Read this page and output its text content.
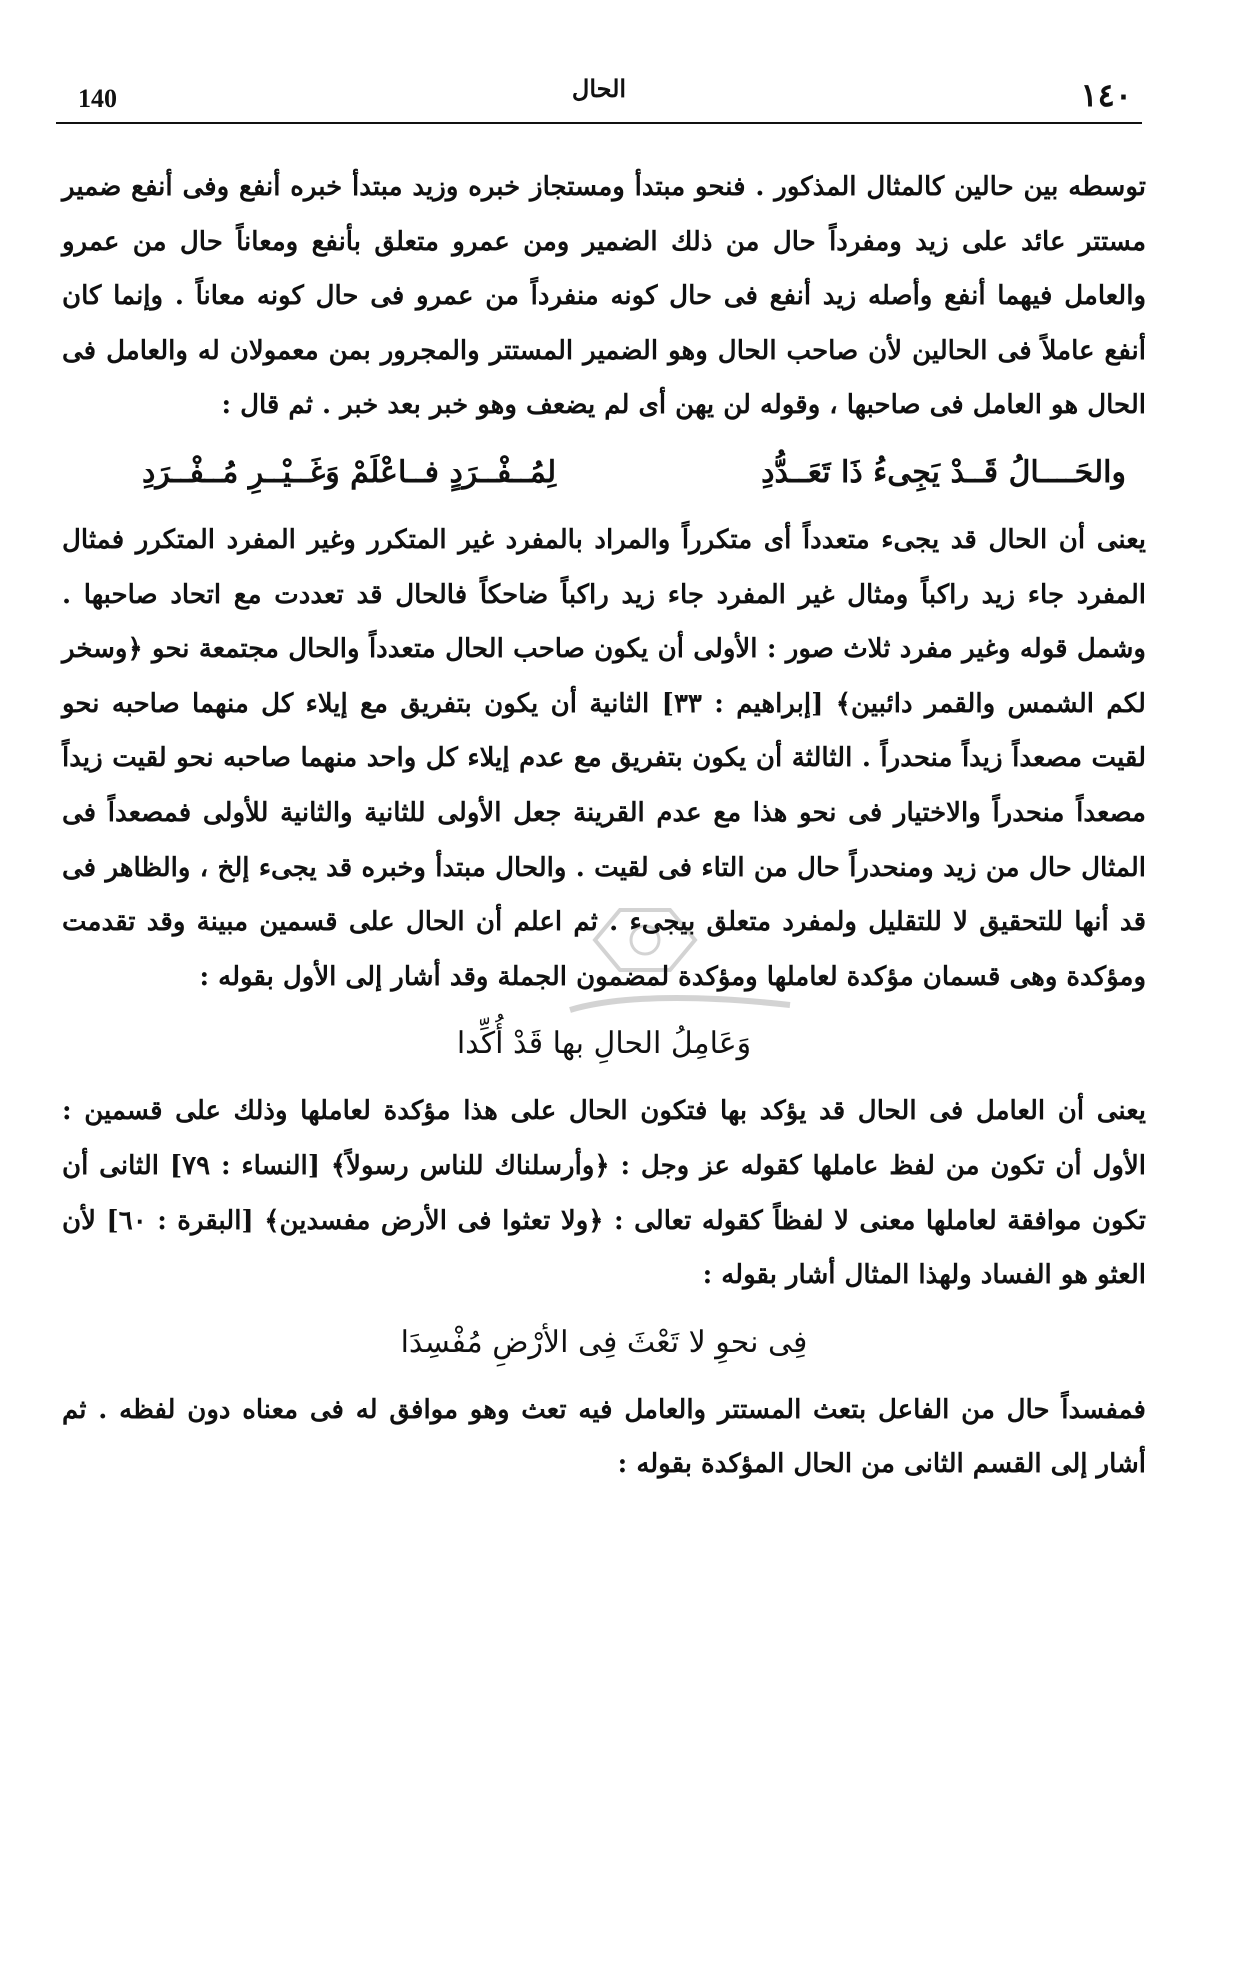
140	الحال	١٤٠

توسطه بين حالين كالمثال المذكور . فنحو مبتدأ ومستجاز خبره وزيد مبتدأ خبره أنفع وفى أنفع ضمير مستتر عائد على زيد ومفرداً حال من ذلك الضمير ومن عمرو متعلق بأنفع ومعاناً حال من عمرو والعامل فيهما أنفع وأصله زيد أنفع فى حال كونه منفرداً من عمرو فى حال كونه معاناً . وإنما كان أنفع عاملاً فى الحالين لأن صاحب الحال وهو الضمير المستتر والمجرور بمن معمولان له والعامل فى الحال هو العامل فى صاحبها ، وقوله لن يهن أى لم يضعف وهو خبر بعد خبر . ثم قال :

والحَــــالُ قَــدْ يَجِىءُ ذَا تَعَــدُّدِ
لِمُــفْــرَدٍ فــاعْلَمْ وَغَــيْــرِ مُــفْــرَدِ

يعنى أن الحال قد يجىء متعدداً أى متكرراً والمراد بالمفرد غير المتكرر وغير المفرد المتكرر فمثال المفرد جاء زيد راكباً ومثال غير المفرد جاء زيد راكباً ضاحكاً فالحال قد تعددت مع اتحاد صاحبها . وشمل قوله وغير مفرد ثلاث صور : الأولى أن يكون صاحب الحال متعدداً والحال مجتمعة نحو ﴿وسخر لكم الشمس والقمر دائبين﴾ [إبراهيم : ٣٣] الثانية أن يكون بتفريق مع إيلاء كل منهما صاحبه نحو لقيت مصعداً زيداً منحدراً . الثالثة أن يكون بتفريق مع عدم إيلاء كل واحد منهما صاحبه نحو لقيت زيداً مصعداً منحدراً والاختيار فى نحو هذا مع عدم القرينة جعل الأولى للثانية والثانية للأولى فمصعداً فى المثال حال من زيد ومنحدراً حال من التاء فى لقيت . والحال مبتدأ وخبره قد يجىء إلخ ، والظاهر فى قد أنها للتحقيق لا للتقليل ولمفرد متعلق بيجىء . ثم اعلم أن الحال على قسمين مبينة وقد تقدمت ومؤكدة وهى قسمان مؤكدة لعاملها ومؤكدة لمضمون الجملة وقد أشار إلى الأول بقوله :

وَعَامِلُ الحالِ بها قَدْ أُكِّدا

يعنى أن العامل فى الحال قد يؤكد بها فتكون الحال على هذا مؤكدة لعاملها وذلك على قسمين : الأول أن تكون من لفظ عاملها كقوله عز وجل : ﴿وأرسلناك للناس رسولاً﴾ [النساء : ٧٩] الثانى أن تكون موافقة لعاملها معنى لا لفظاً كقوله تعالى : ﴿ولا تعثوا فى الأرض مفسدين﴾ [البقرة : ٦٠] لأن العثو هو الفساد ولهذا المثال أشار بقوله :

فِى نحوِ لا تَعْثَ فِى الأرْضِ مُفْسِدَا

فمفسداً حال من الفاعل بتعث المستتر والعامل فيه تعث وهو موافق له فى معناه دون لفظه . ثم أشار إلى القسم الثانى من الحال المؤكدة بقوله :
